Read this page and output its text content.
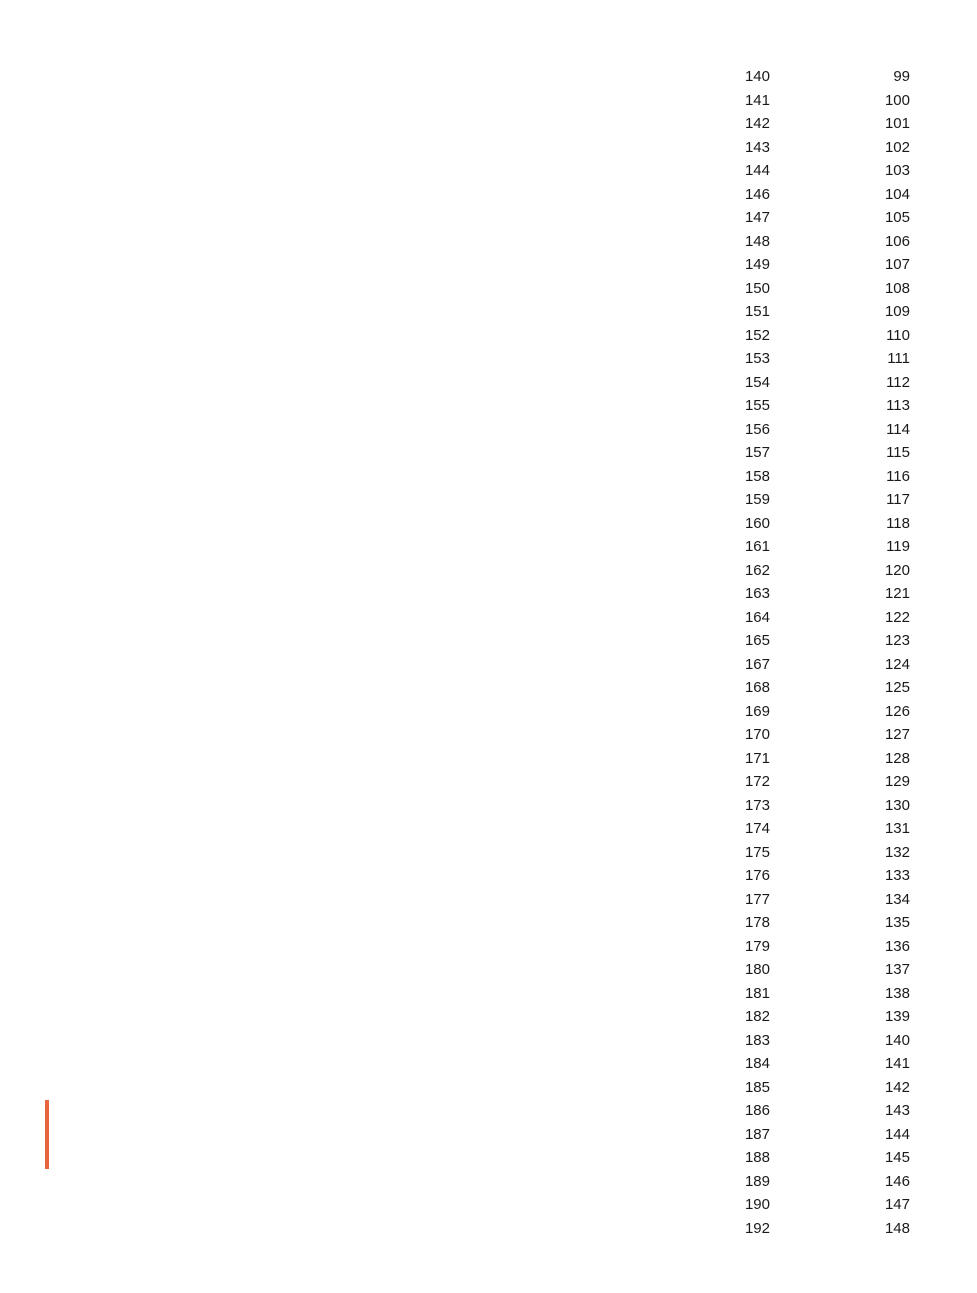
140	99
141	100
142	101
143	102
144	103
146	104
147	105
148	106
149	107
150	108
151	109
152	110
153	111
154	112
155	113
156	114
157	115
158	116
159	117
160	118
161	119
162	120
163	121
164	122
165	123
167	124
168	125
169	126
170	127
171	128
172	129
173	130
174	131
175	132
176	133
177	134
178	135
179	136
180	137
181	138
182	139
183	140
184	141
185	142
186	143
187	144
188	145
189	146
190	147
192	148
